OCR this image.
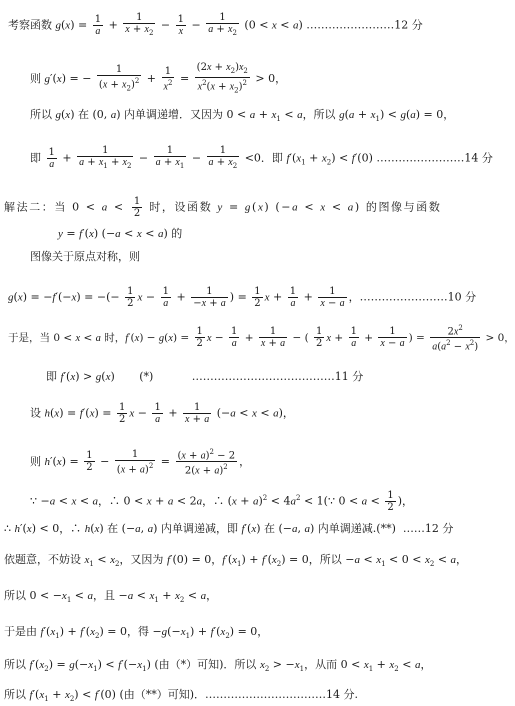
考察函数 $g(x) = \frac{1}{a} + \frac{1}{x + x_2} - \frac{1}{x} - \frac{1}{a + x_2} (0 < x < a)$ ……………………12 分
则 g′(x) = − $\frac{1}{(x + x_2)^2} + \frac{1}{x^2} = \frac{(2x + x_2)x_2}{x^2(x + x_2)^2} > 0$，
所以 g(x) 在 (0, a) 内单调递增．又因为 $0 < a + x_1 < a$，所以 $g(a + x_1) < g(a) = 0$，
即 $\frac{1}{a} + \frac{1}{a + x_1 + x_2} - \frac{1}{a + x_1} - \frac{1}{a + x_2} <0$．即 $f'(x_1 + x_2) < f'(0)$ ……………………14 分
解法二：当 $0 < a < \frac{1}{2}$ 时，设函数 y = g(x) (−a < x < a) 的图像与函数
y = f′(x) (−a < x < a) 的
图像关于原点对称，则
g(x) = −f′(−x) = −(− $\frac{1}{2}$ $x - \frac{1}{a} + \frac{1}{-x + a}$ ) = $\frac{1}{2}$ $x + \frac{1}{a} + \frac{1}{x - a}$ ，……………………10 分
于是，当 0 < x < a 时，$f'(x) - g(x) = \frac{1}{2}$ $x - \frac{1}{a} + \frac{1}{x + a}$ − ( $\frac{1}{2}$ $x + \frac{1}{a} + \frac{1}{x - a}$ ) = $\frac{2x^2}{a(a^2 - x^2)} > 0$，
即 f′(x) > g(x)       (*)           …………………………………11 分
设 $h(x) = f'(x) = \frac{1}{2}$ $x - \frac{1}{a} + \frac{1}{x + a} (-a < x < a)$，
则 $h'(x) = \frac{1}{2} - \frac{1}{(x + a)^2} = \frac{(x + a)^2 - 2}{2(x + a)^2}$ ，
∵ −a < x < a，∴ 0 < x + a < 2a，∴ $(x + a)^2 < 4a^2$ < 1(∵ $0 < a < \frac{1}{2}$ )，
∴ h′(x) < 0，∴ h(x) 在 (−a, a) 内单调递减，即 f′(x) 在 (−a, a) 内单调递减.(**)  ……12 分
依题意，不妨设 $x_1 < x_2$，又因为 f′(0) = 0，$f'(x_1) + f'(x_2) = 0$，所以 $-a < x_1 < 0 < x_2 < a$，
所以 $0 < -x_1 < a$，且 $-a < x_1 + x_2 < a$，
于是由 $f'(x_1) + f'(x_2) = 0$，得 $-g(-x_1) + f'(x_2) = 0$，
所以 $f'(x_2) = g(-x_1) < f'(-x_1)$ (由（*）可知)．所以 $x_2 > -x_1$，从而 $0 < x_1 + x_2 < a$，
所以 $f'(x_1 + x_2) < f'(0)$ (由（**）可知)．……………………………14 分.
